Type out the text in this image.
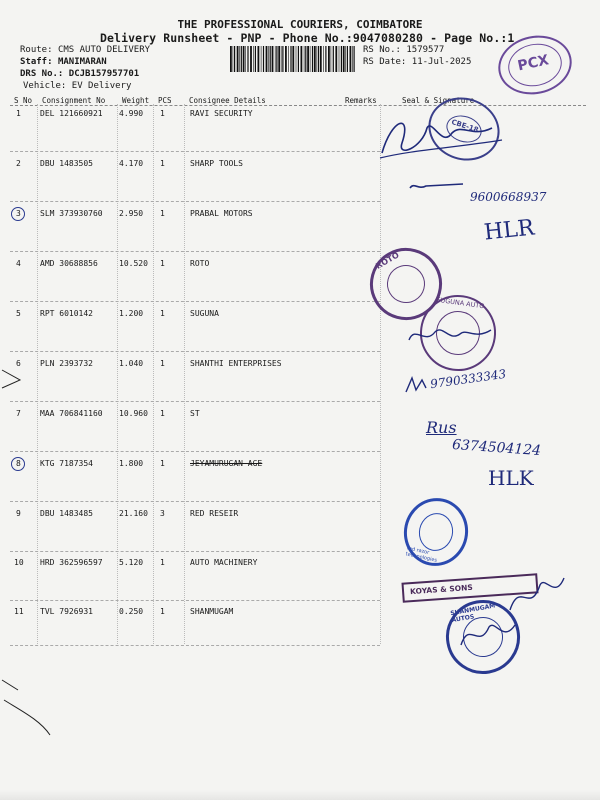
THE PROFESSIONAL COURIERS, COIMBATORE
Delivery Runsheet - PNP - Phone No.:9047080280 - Page No.:1
Route: CMS AUTO DELIVERY
Staff: MANIMARAN
DRS No.: DCJB157957701
Vehicle: EV Delivery
RS No.: 1579577
RS Date: 11-Jul-2025	PCX
S No Consignment No Weight PCS Consignee Details	Remarks	Seal & Signature
1 DEL 121660921 4.990 1	RAVI SECURITY
2 DBU 1483505	4.170 1	SHARP TOOLS
3 SLM 373930760 2.950 1	PRABAL MOTORS
4 AMD 30688856	10.520 1	ROTO
5 RPT 6010142	1.200 1	SUGUNA
6 PLN 2393732	1.040 1	SHANTHI ENTERPRISES
7 MAA 706841160 10.960 1	ST
8 KTG 7187354	1.800 1	JEYAMURUGAN AGE
9 DBU 1483485	21.160 3	RED RESEIR
10 HRD 362596597 5.120 1	AUTO MACHINERY
11 TVL 7926931	0.250 1	SHANMUGAM
CBE-18
9600668937
HLR
ROTO
SUGUNA AUTO
9790333343
Rus
6374504124
HLK
red razor technologies
KOYAS & SONS
SHANMUGAM AUTOS
